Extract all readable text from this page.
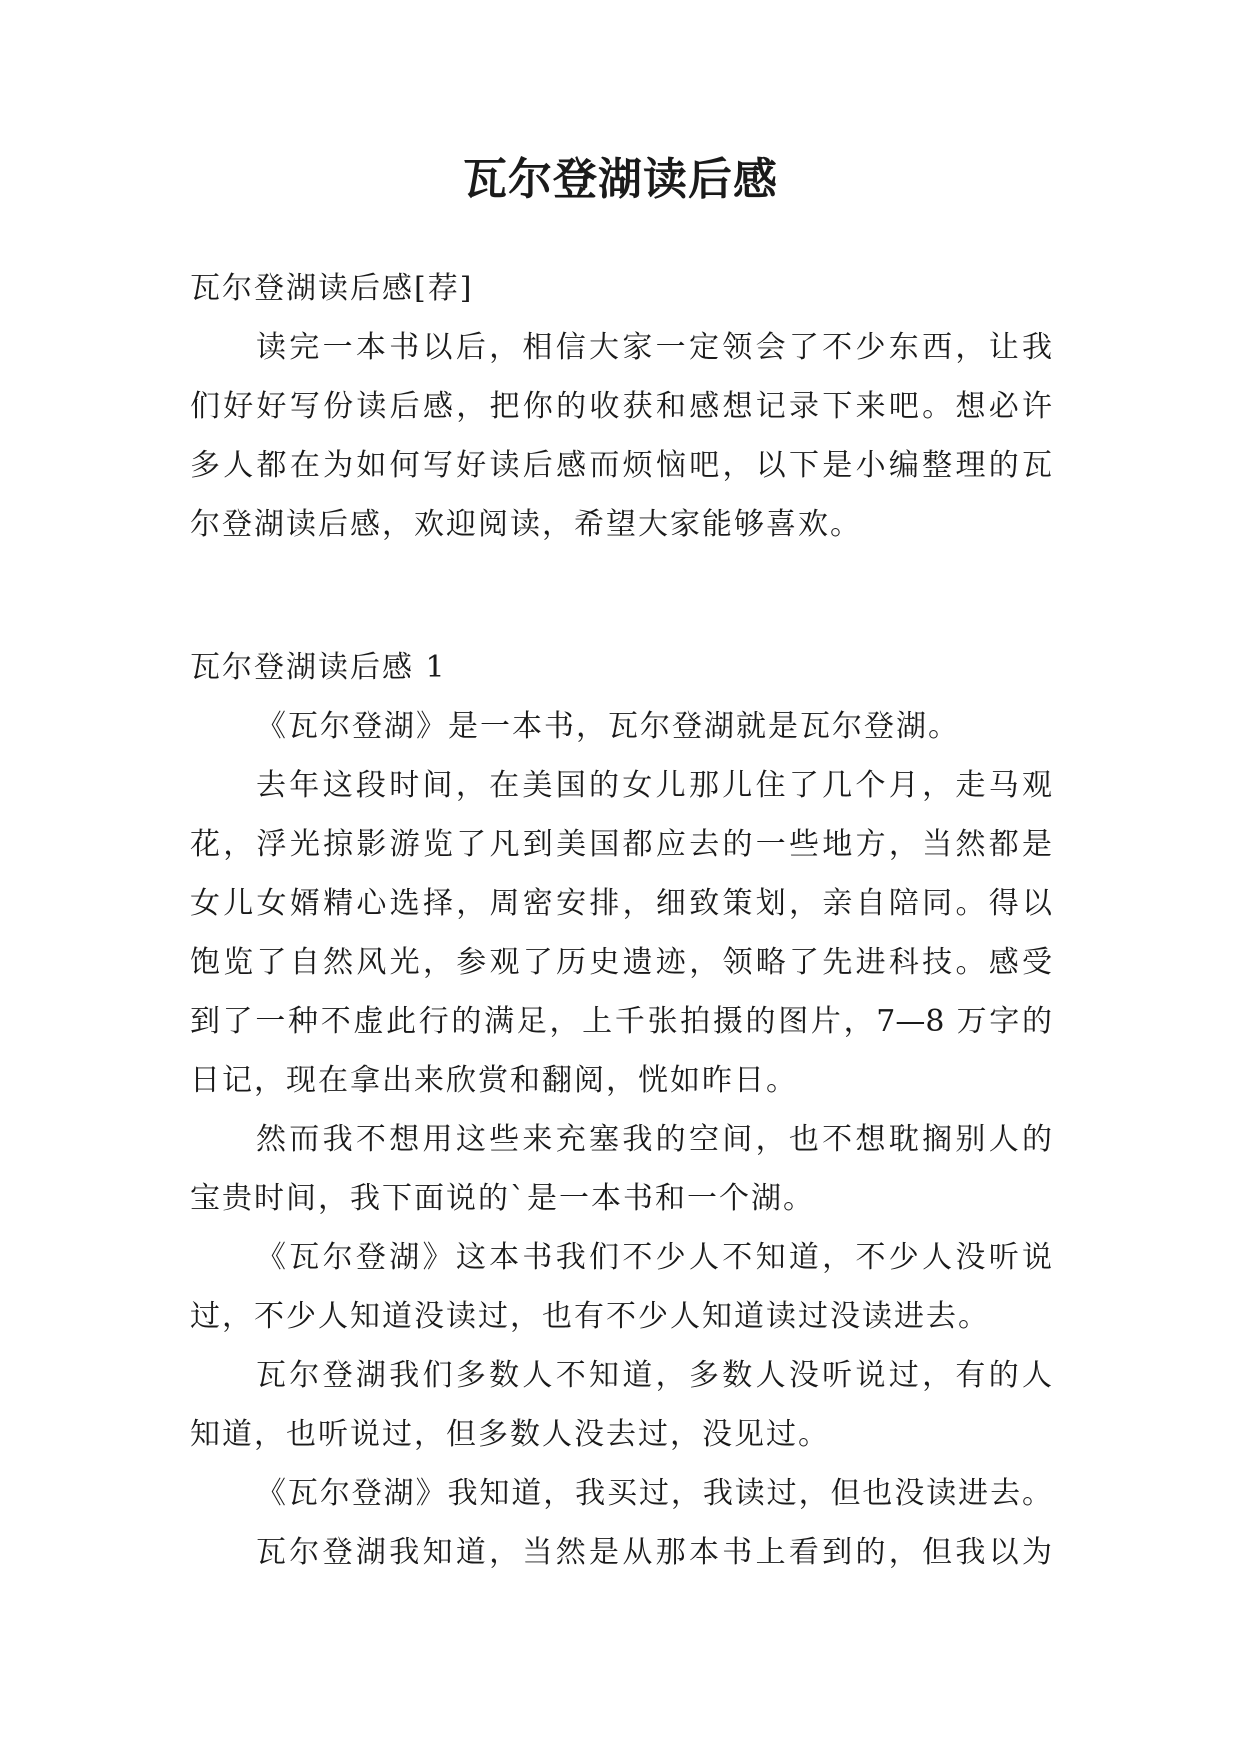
瓦尔登湖读后感
瓦尔登湖读后感[荐]
读完一本书以后，相信大家一定领会了不少东西，让我
们好好写份读后感，把你的收获和感想记录下来吧。想必许
多人都在为如何写好读后感而烦恼吧，以下是小编整理的瓦
尔登湖读后感，欢迎阅读，希望大家能够喜欢。
瓦尔登湖读后感 1
《瓦尔登湖》是一本书，瓦尔登湖就是瓦尔登湖。
去年这段时间，在美国的女儿那儿住了几个月，走马观
花，浮光掠影游览了凡到美国都应去的一些地方，当然都是
女儿女婿精心选择，周密安排，细致策划，亲自陪同。得以
饱览了自然风光，参观了历史遗迹，领略了先进科技。感受
到了一种不虚此行的满足，上千张拍摄的图片，7—8 万字的
日记，现在拿出来欣赏和翻阅，恍如昨日。
然而我不想用这些来充塞我的空间，也不想耽搁别人的
宝贵时间，我下面说的`是一本书和一个湖。
《瓦尔登湖》这本书我们不少人不知道，不少人没听说
过，不少人知道没读过，也有不少人知道读过没读进去。
瓦尔登湖我们多数人不知道，多数人没听说过，有的人
知道，也听说过，但多数人没去过，没见过。
《瓦尔登湖》我知道，我买过，我读过，但也没读进去。
瓦尔登湖我知道，当然是从那本书上看到的，但我以为
